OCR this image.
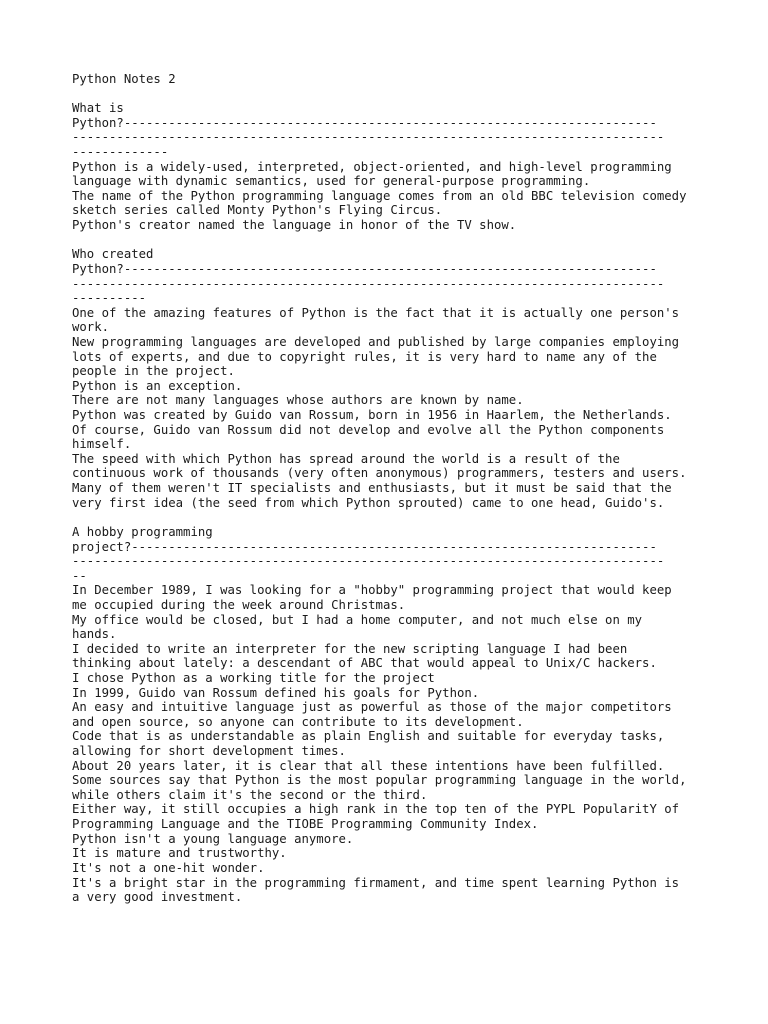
Python Notes 2
What is
Python?------------------------------------------------------------------------
--------------------------------------------------------------------------------
-------------
Python is a widely-used, interpreted, object-oriented, and high-level programming
language with dynamic semantics, used for general-purpose programming.
The name of the Python programming language comes from an old BBC television comedy
sketch series called Monty Python's Flying Circus.
Python's creator named the language in honor of the TV show.
Who created
Python?------------------------------------------------------------------------
--------------------------------------------------------------------------------
----------
One of the amazing features of Python is the fact that it is actually one person's
work.
New programming languages are developed and published by large companies employing
lots of experts, and due to copyright rules, it is very hard to name any of the
people in the project.
Python is an exception.
There are not many languages whose authors are known by name.
Python was created by Guido van Rossum, born in 1956 in Haarlem, the Netherlands.
Of course, Guido van Rossum did not develop and evolve all the Python components
himself.
The speed with which Python has spread around the world is a result of the
continuous work of thousands (very often anonymous) programmers, testers and users.
Many of them weren't IT specialists and enthusiasts, but it must be said that the
very first idea (the seed from which Python sprouted) came to one head, Guido's.
A hobby programming
project?-----------------------------------------------------------------------
--------------------------------------------------------------------------------
--
In December 1989, I was looking for a "hobby" programming project that would keep
me occupied during the week around Christmas.
My office would be closed, but I had a home computer, and not much else on my
hands.
I decided to write an interpreter for the new scripting language I had been
thinking about lately: a descendant of ABC that would appeal to Unix/C hackers.
I chose Python as a working title for the project
In 1999, Guido van Rossum defined his goals for Python.
An easy and intuitive language just as powerful as those of the major competitors
and open source, so anyone can contribute to its development.
Code that is as understandable as plain English and suitable for everyday tasks,
allowing for short development times.
About 20 years later, it is clear that all these intentions have been fulfilled.
Some sources say that Python is the most popular programming language in the world,
while others claim it's the second or the third.
Either way, it still occupies a high rank in the top ten of the PYPL PopularitY of
Programming Language and the TIOBE Programming Community Index.
Python isn't a young language anymore.
It is mature and trustworthy.
It's not a one-hit wonder.
It's a bright star in the programming firmament, and time spent learning Python is
a very good investment.
